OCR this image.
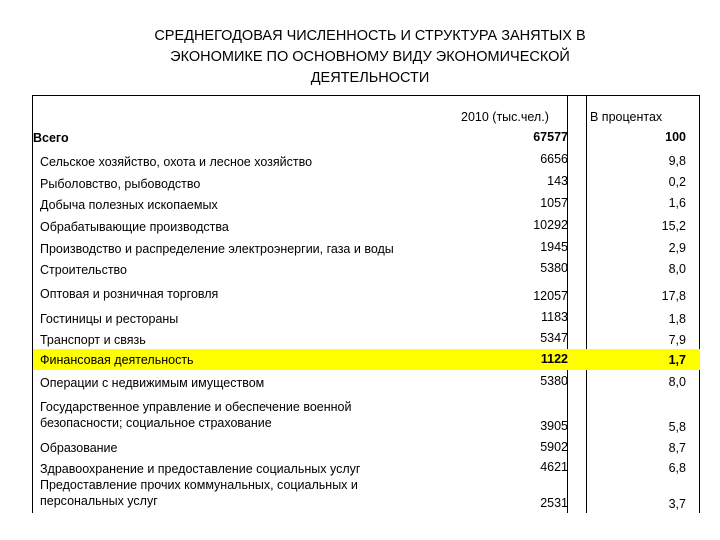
СРЕДНЕГОДОВАЯ ЧИСЛЕННОСТЬ И СТРУКТУРА ЗАНЯТЫХ В
ЭКОНОМИКЕ ПО ОСНОВНОМУ ВИДУ ЭКОНОМИЧЕСКОЙ
ДЕЯТЕЛЬНОСТИ
2010 (тыс.чел.)	В процентах
Всего	67577	100
Сельское хозяйство, охота и лесное хозяйство	6656	9,8
Рыболовство, рыбоводство	143	0,2
Добыча полезных ископаемых	1057	1,6
Обрабатывающие производства	10292	15,2
Производство и распределение электроэнергии, газа и воды	1945	2,9
Строительство	5380	8,0
Оптовая и розничная торговля	12057	17,8
Гостиницы и рестораны	1183	1,8
Транспорт и связь	5347	7,9
Финансовая деятельность	1122	1,7
Операции с недвижимым имуществом	5380	8,0
Государственное управление и обеспечение военной
безопасности; социальное страхование	3905	5,8
Образование	5902	8,7
Здравоохранение и предоставление социальных услуг	4621	6,8
Предоставление прочих коммунальных, социальных и
персональных услуг	2531	3,7
